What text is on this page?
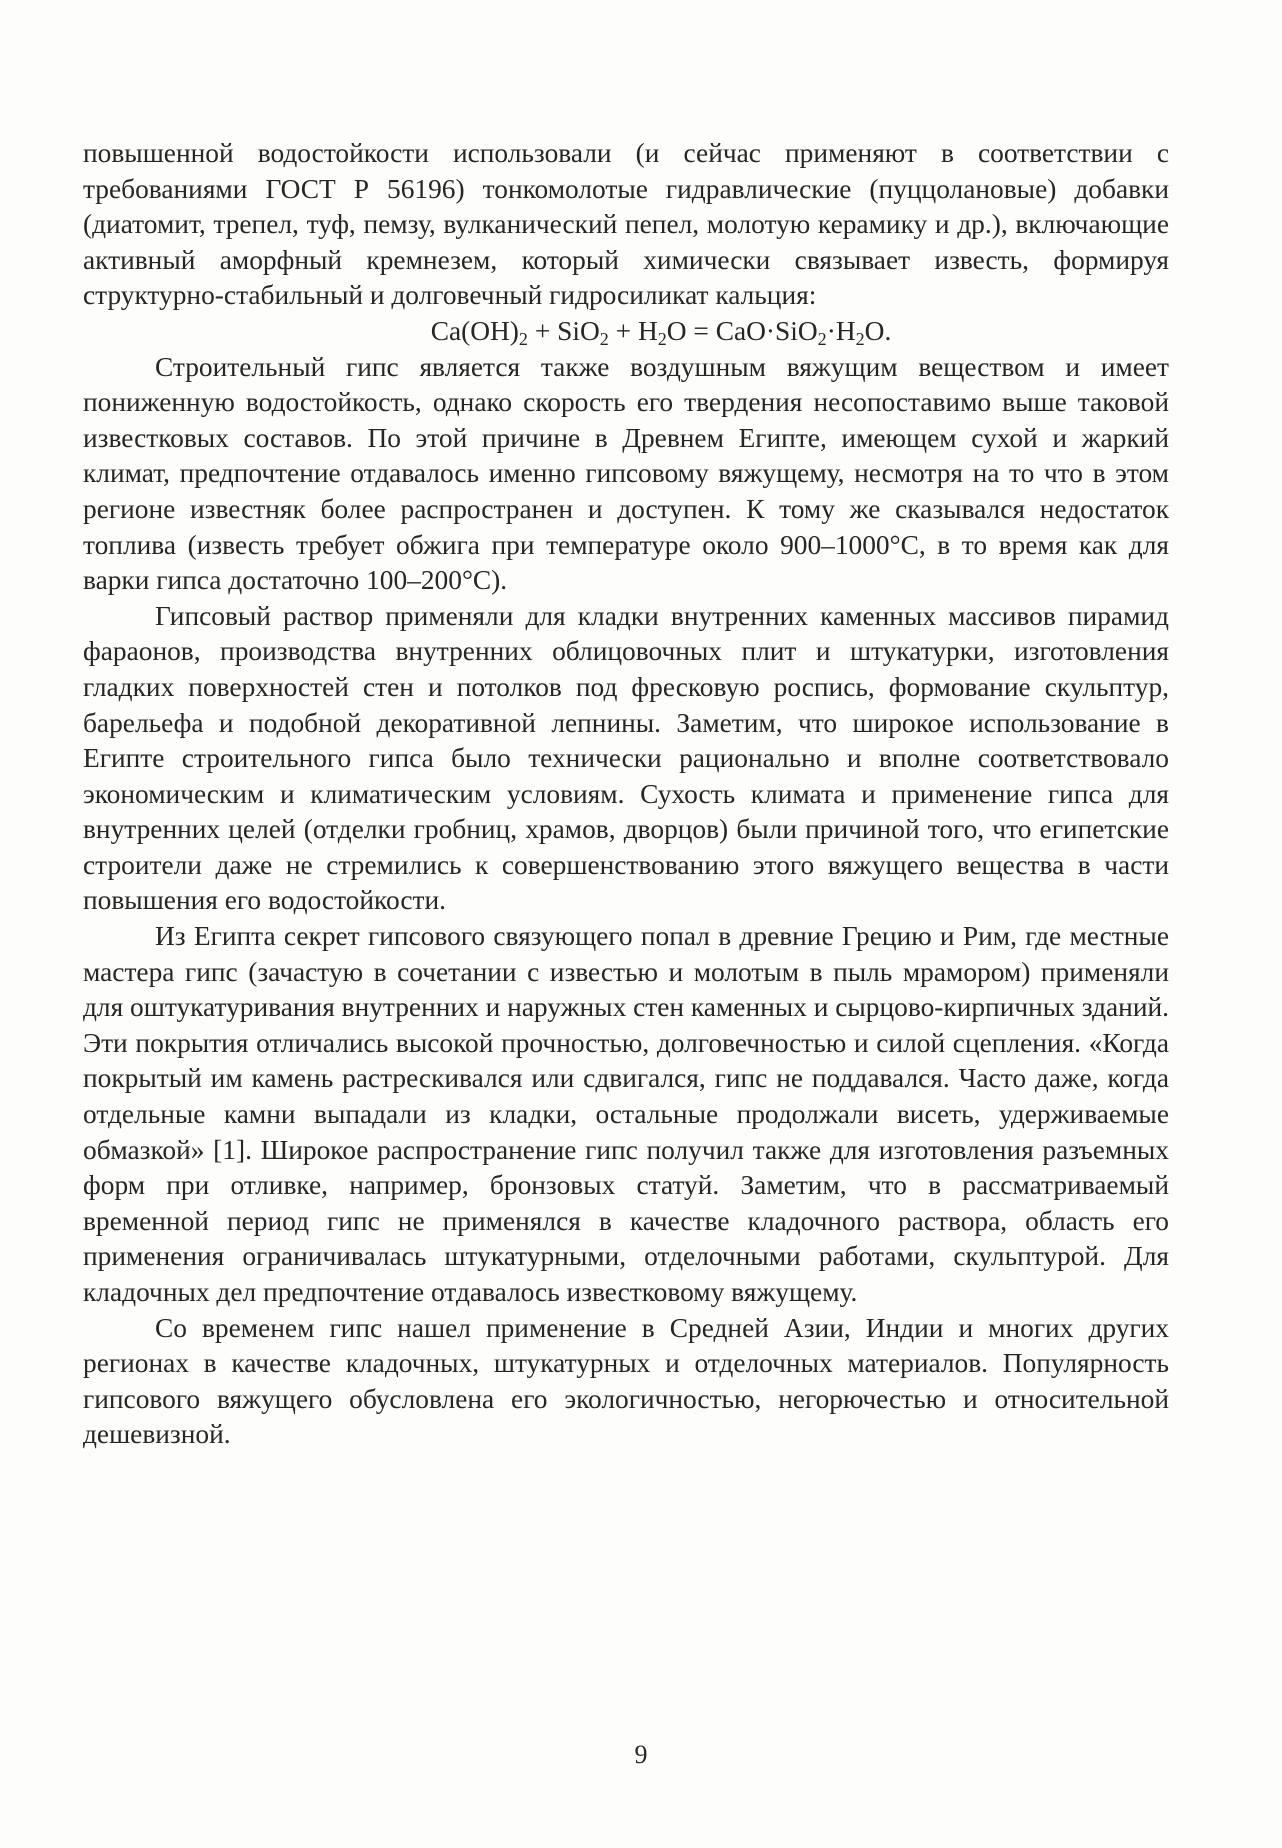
повышенной водостойкости использовали (и сейчас применяют в соответствии с требованиями ГОСТ Р 56196) тонкомолотые гидравлические (пуццолановые) добавки (диатомит, трепел, туф, пемзу, вулканический пепел, молотую керамику и др.), включающие активный аморфный кремнезем, который химически связывает известь, формируя структурно-стабильный и долговечный гидросиликат кальция:

$Ca(OH)_2 + SiO_2 + H_2O = CaO\cdot SiO_2\cdot H_2O$.

Строительный гипс является также воздушным вяжущим веществом и имеет пониженную водостойкость, однако скорость его твердения несопоставимо выше таковой известковых составов. По этой причине в Древнем Египте, имеющем сухой и жаркий климат, предпочтение отдавалось именно гипсовому вяжущему, несмотря на то что в этом регионе известняк более распространен и доступен. К тому же сказывался недостаток топлива (известь требует обжига при температуре около 900–1000°С, в то время как для варки гипса достаточно 100–200°С).

Гипсовый раствор применяли для кладки внутренних каменных массивов пирамид фараонов, производства внутренних облицовочных плит и штукатурки, изготовления гладких поверхностей стен и потолков под фресковую роспись, формование скульптур, барельефа и подобной декоративной лепнины. Заметим, что широкое использование в Египте строительного гипса было технически рационально и вполне соответствовало экономическим и климатическим условиям. Сухость климата и применение гипса для внутренних целей (отделки гробниц, храмов, дворцов) были причиной того, что египетские строители даже не стремились к совершенствованию этого вяжущего вещества в части повышения его водостойкости.

Из Египта секрет гипсового связующего попал в древние Грецию и Рим, где местные мастера гипс (зачастую в сочетании с известью и молотым в пыль мрамором) применяли для оштукатуривания внутренних и наружных стен каменных и сырцово-кирпичных зданий. Эти покрытия отличались высокой прочностью, долговечностью и силой сцепления. «Когда покрытый им камень растрескивался или сдвигался, гипс не поддавался. Часто даже, когда отдельные камни выпадали из кладки, остальные продолжали висеть, удерживаемые обмазкой» [1]. Широкое распространение гипс получил также для изготовления разъемных форм при отливке, например, бронзовых статуй. Заметим, что в рассматриваемый временной период гипс не применялся в качестве кладочного раствора, область его применения ограничивалась штукатурными, отделочными работами, скульптурой. Для кладочных дел предпочтение отдавалось известковому вяжущему.

Со временем гипс нашел применение в Средней Азии, Индии и многих других регионах в качестве кладочных, штукатурных и отделочных материалов. Популярность гипсового вяжущего обусловлена его экологичностью, негорючестью и относительной дешевизной.

9
